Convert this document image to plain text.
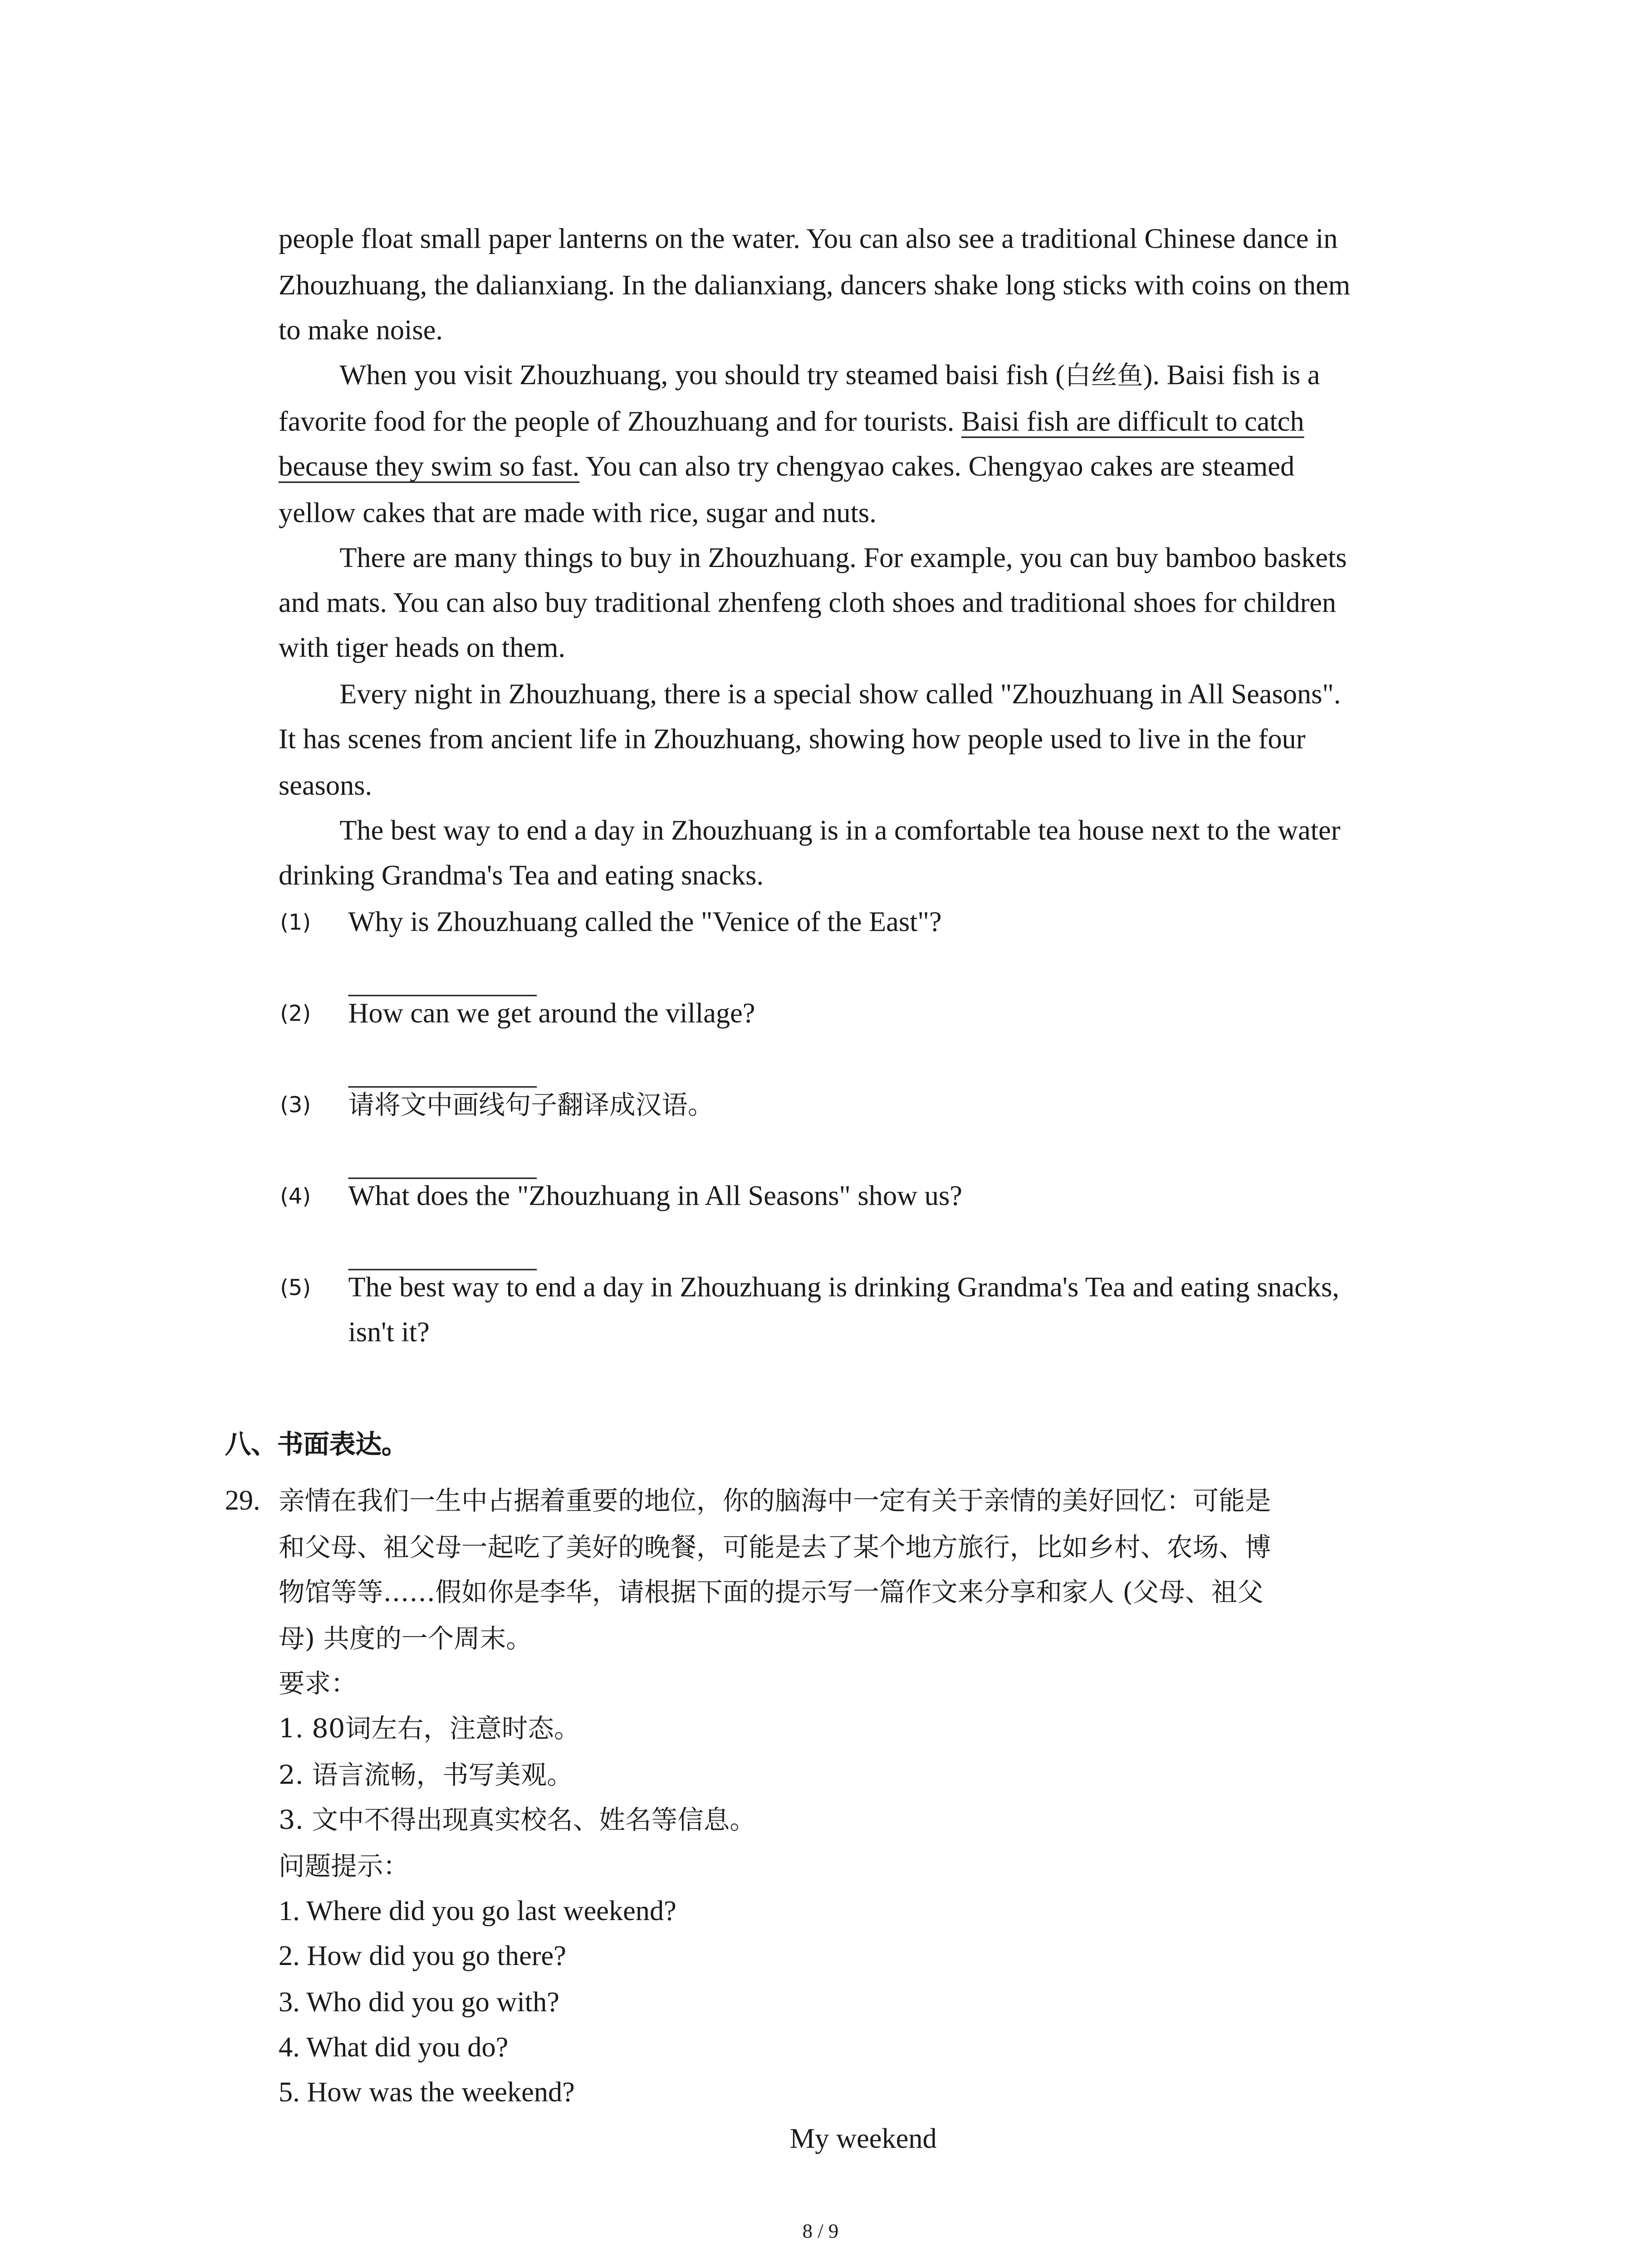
people float small paper lanterns on the water. You can also see a traditional Chinese dance in
Zhouzhuang, the dalianxiang. In the dalianxiang, dancers shake long sticks with coins on them
to make noise.
When you visit Zhouzhuang, you should try steamed baisi fish (白丝鱼). Baisi fish is a
favorite food for the people of Zhouzhuang and for tourists. Baisi fish are difficult to catch
because they swim so fast. You can also try chengyao cakes. Chengyao cakes are steamed
yellow cakes that are made with rice, sugar and nuts.
There are many things to buy in Zhouzhuang. For example, you can buy bamboo baskets
and mats. You can also buy traditional zhenfeng cloth shoes and traditional shoes for children
with tiger heads on them.
Every night in Zhouzhuang, there is a special show called "Zhouzhuang in All Seasons".
It has scenes from ancient life in Zhouzhuang, showing how people used to live in the four
seasons.
The best way to end a day in Zhouzhuang is in a comfortable tea house next to the water
drinking Grandma's Tea and eating snacks.
(1)	Why is Zhouzhuang called the "Venice of the East"?
(2)	How can we get around the village?
(3)	请将文中画线句子翻译成汉语。
(4)	What does the "Zhouzhuang in All Seasons" show us?
(5)	The best way to end a day in Zhouzhuang is drinking Grandma's Tea and eating snacks,
isn't it?
八、书面表达。
29. 亲情在我们一生中占据着重要的地位，你的脑海中一定有关于亲情的美好回忆：可能是
和父母、祖父母一起吃了美好的晚餐，可能是去了某个地方旅行，比如乡村、农场、博
物馆等等……假如你是李华，请根据下面的提示写一篇作文来分享和家人 (父母、祖父
母) 共度的一个周末。
要求：
1. 80词左右，注意时态。
2. 语言流畅，书写美观。
3. 文中不得出现真实校名、姓名等信息。
问题提示：
1. Where did you go last weekend?
2. How did you go there?
3. Who did you go with?
4. What did you do?
5. How was the weekend?
My weekend
8 / 9
